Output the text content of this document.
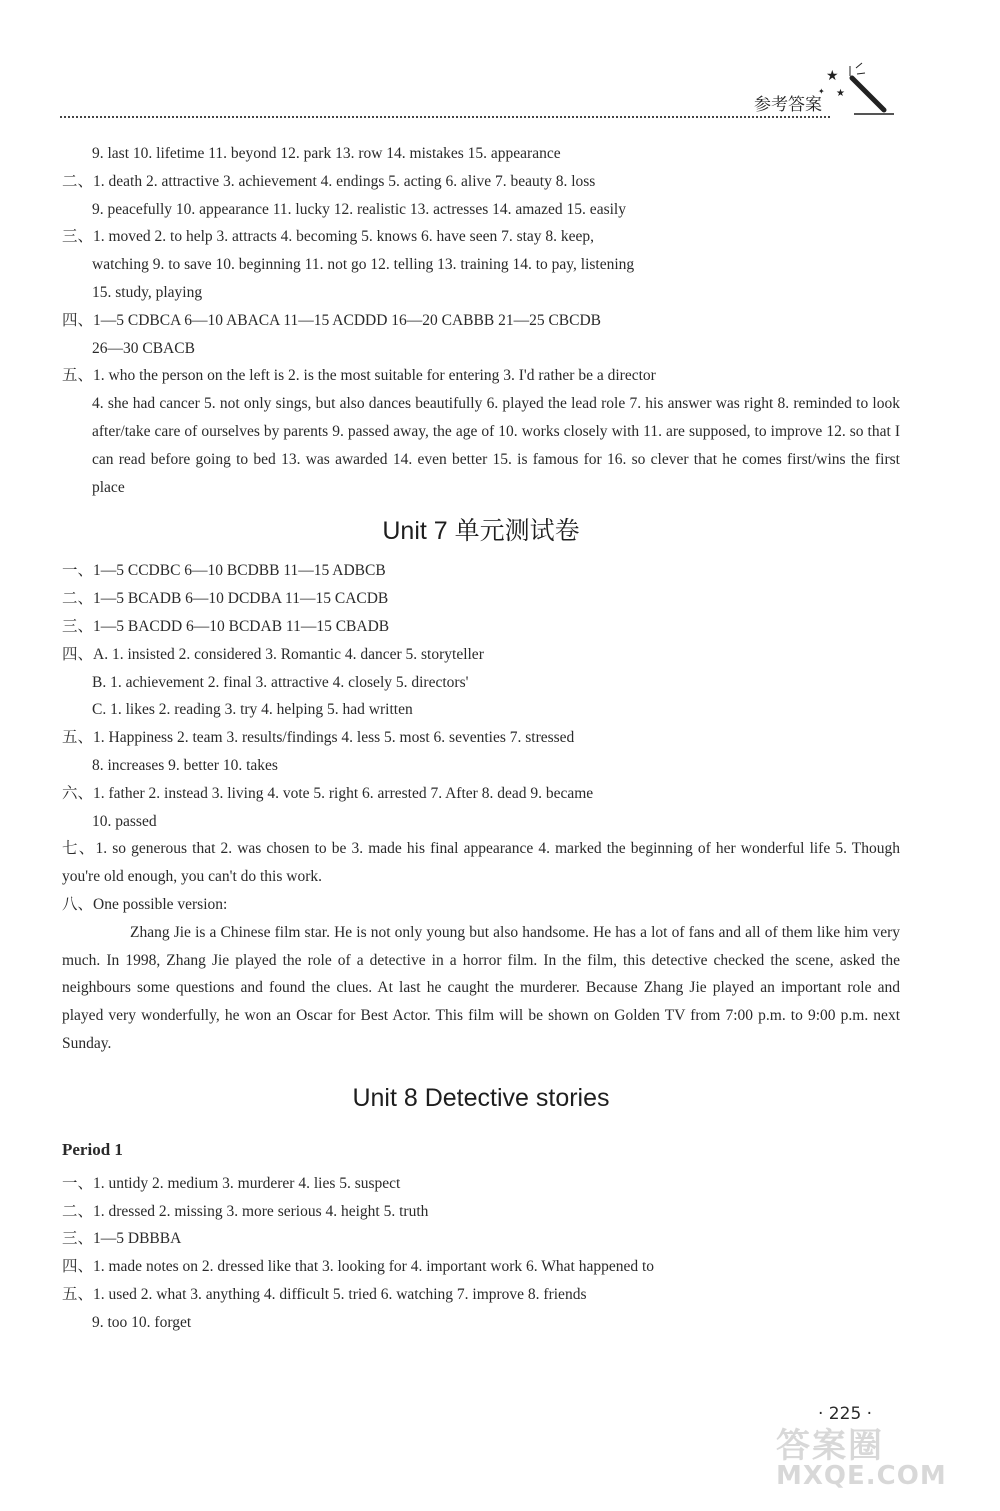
参考答案
★
★
✦
9. last 10. lifetime 11. beyond 12. park 13. row 14. mistakes 15. appearance
二、1. death 2. attractive 3. achievement 4. endings 5. acting 6. alive 7. beauty 8. loss
9. peacefully 10. appearance 11. lucky 12. realistic 13. actresses 14. amazed 15. easily
三、1. moved 2. to help 3. attracts 4. becoming 5. knows 6. have seen 7. stay 8. keep,
watching 9. to save 10. beginning 11. not go 12. telling 13. training 14. to pay, listening
15. study, playing
四、1—5 CDBCA 6—10 ABACA 11—15 ACDDD 16—20 CABBB 21—25 CBCDB
26—30 CBACB
五、1. who the person on the left is 2. is the most suitable for entering 3. I'd rather be a director
4. she had cancer 5. not only sings, but also dances beautifully 6. played the lead role 7. his answer was right 8. reminded to look after/take care of ourselves by parents 9. passed away, the age of 10. works closely with 11. are supposed, to improve 12. so that I can read before going to bed 13. was awarded 14. even better 15. is famous for 16. so clever that he comes first/wins the first place
Unit 7 单元测试卷
一、1—5 CCDBC 6—10 BCDBB 11—15 ADBCB
二、1—5 BCADB 6—10 DCDBA 11—15 CACDB
三、1—5 BACDD 6—10 BCDAB 11—15 CBADB
四、A. 1. insisted 2. considered 3. Romantic 4. dancer 5. storyteller
B. 1. achievement 2. final 3. attractive 4. closely 5. directors'
C. 1. likes 2. reading 3. try 4. helping 5. had written
五、1. Happiness 2. team 3. results/findings 4. less 5. most 6. seventies 7. stressed
8. increases 9. better 10. takes
六、1. father 2. instead 3. living 4. vote 5. right 6. arrested 7. After 8. dead 9. became
10. passed
七、1. so generous that 2. was chosen to be 3. made his final appearance 4. marked the beginning of her wonderful life 5. Though you're old enough, you can't do this work.
八、One possible version:
Zhang Jie is a Chinese film star. He is not only young but also handsome. He has a lot of fans and all of them like him very much. In 1998, Zhang Jie played the role of a detective in a horror film. In the film, this detective checked the scene, asked the neighbours some questions and found the clues. At last he caught the murderer. Because Zhang Jie played an important role and played very wonderfully, he won an Oscar for Best Actor. This film will be shown on Golden TV from 7:00 p.m. to 9:00 p.m. next Sunday.
Unit 8 Detective stories
Period 1
一、1. untidy 2. medium 3. murderer 4. lies 5. suspect
二、1. dressed 2. missing 3. more serious 4. height 5. truth
三、1—5 DBBBA
四、1. made notes on 2. dressed like that 3. looking for 4. important work 6. What happened to
五、1. used 2. what 3. anything 4. difficult 5. tried 6. watching 7. improve 8. friends
9. too 10. forget
· 225 ·
答案圈
MXQE.COM
